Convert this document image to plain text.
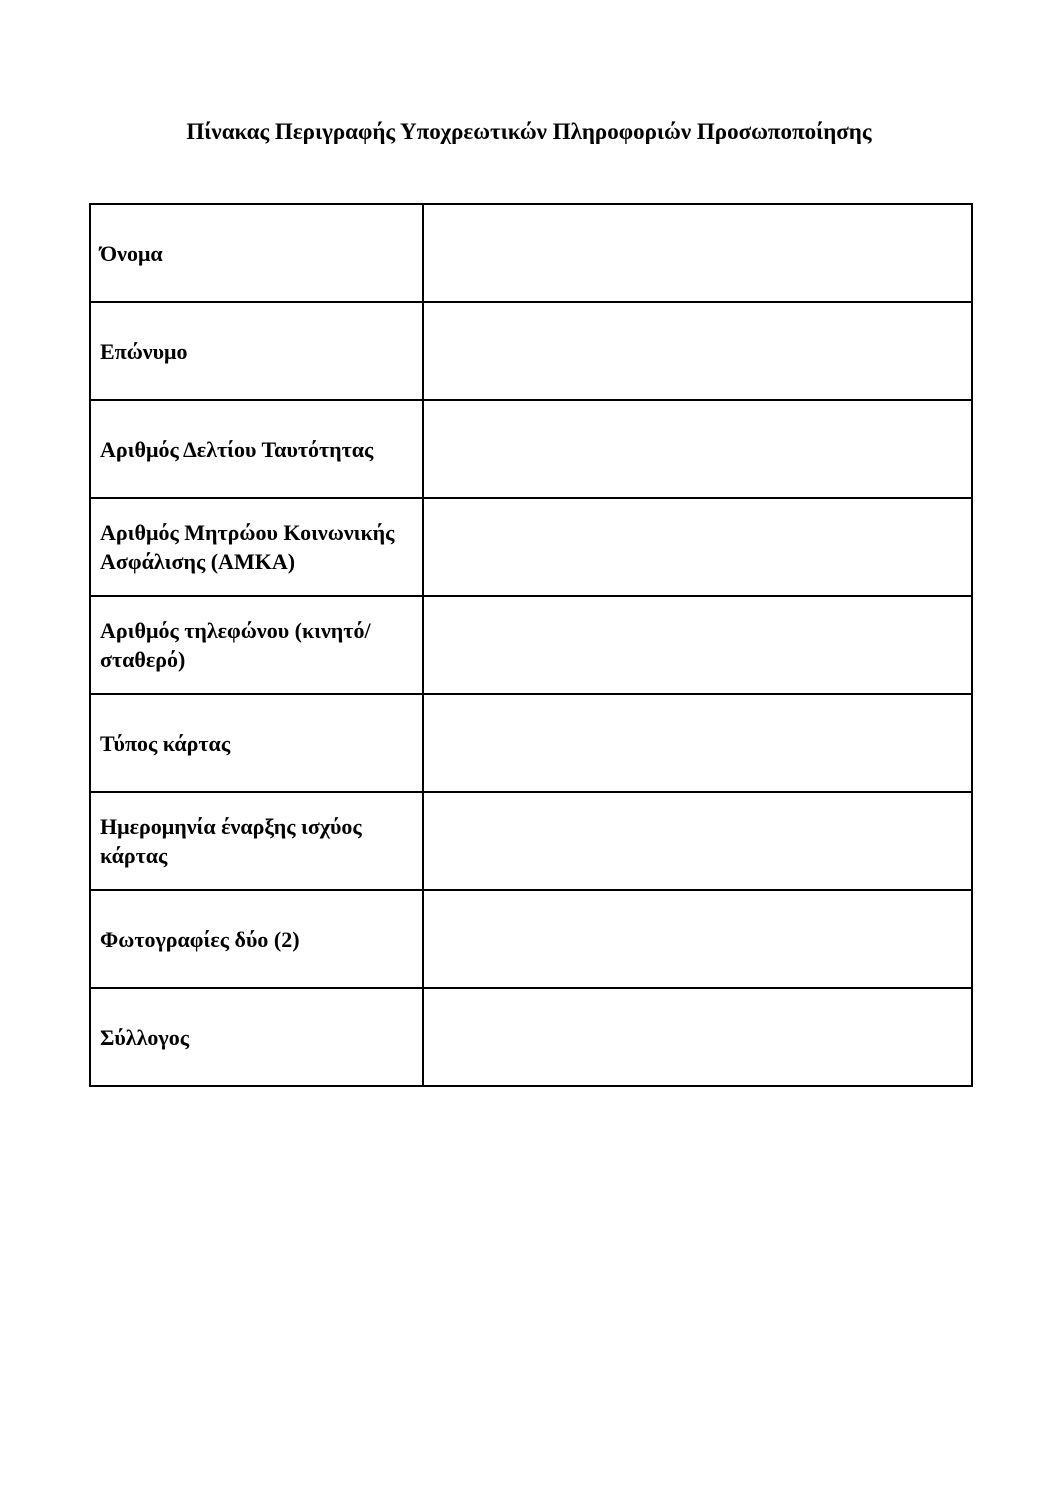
Πίνακας Περιγραφής Υποχρεωτικών Πληροφοριών Προσωποποίησης
Όνομα	
Επώνυμο	
Αριθμός Δελτίου Ταυτότητας	
Αριθμός Μητρώου Κοινωνικής Ασφάλισης (ΑΜΚΑ)	
Αριθμός τηλεφώνου (κινητό/σταθερό)	
Τύπος κάρτας	
Ημερομηνία έναρξης ισχύος κάρτας	
Φωτογραφίες δύο (2)	
Σύλλογος	
